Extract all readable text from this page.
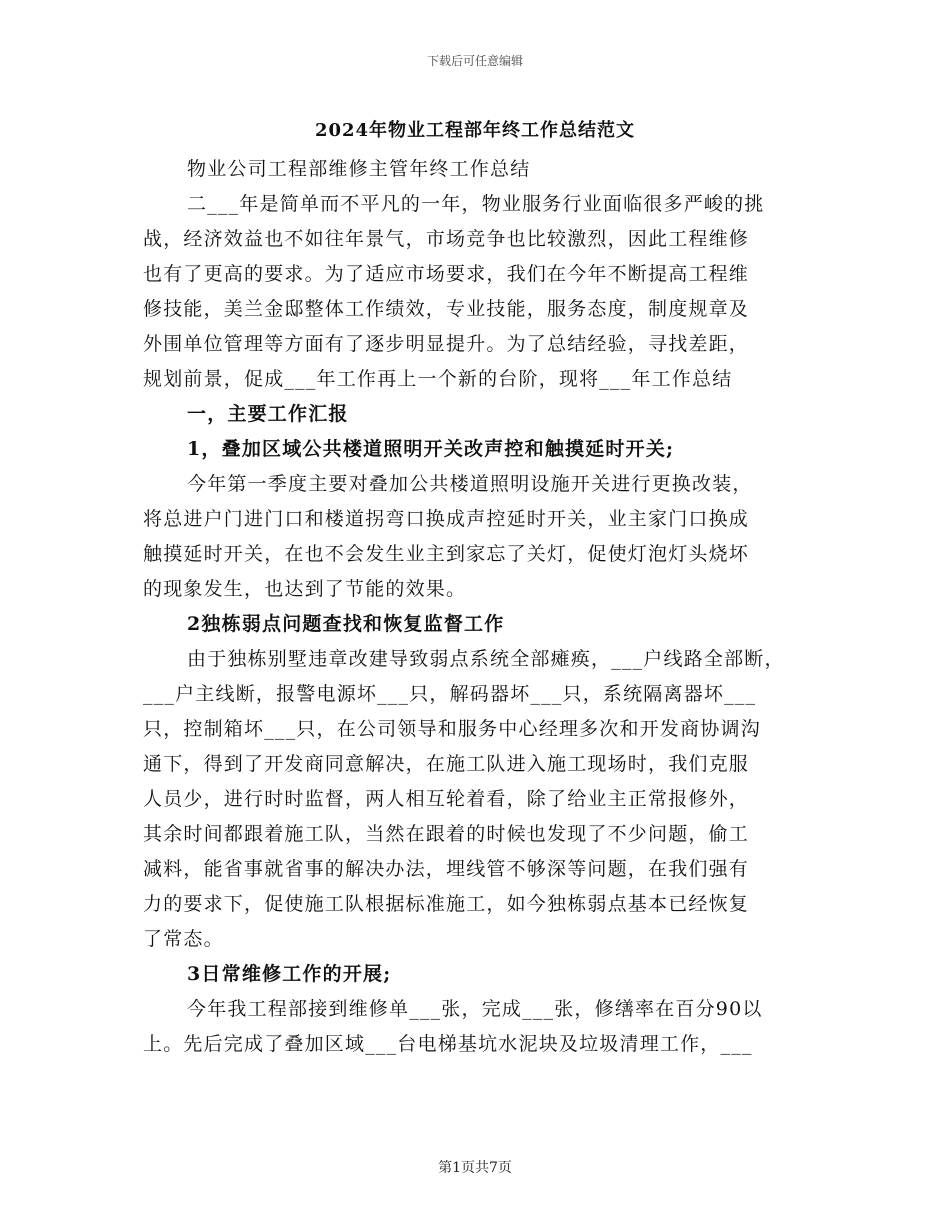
下载后可任意编辑
2024年物业工程部年终工作总结范文
物业公司工程部维修主管年终工作总结
二___年是简单而不平凡的一年，物业服务行业面临很多严峻的挑
战，经济效益也不如往年景气，市场竞争也比较激烈，因此工程维修
也有了更高的要求。为了适应市场要求，我们在今年不断提高工程维
修技能，美兰金邸整体工作绩效，专业技能，服务态度，制度规章及
外围单位管理等方面有了逐步明显提升。为了总结经验，寻找差距，
规划前景，促成___年工作再上一个新的台阶，现将___年工作总结
一，主要工作汇报
1，叠加区域公共楼道照明开关改声控和触摸延时开关;
今年第一季度主要对叠加公共楼道照明设施开关进行更换改装，
将总进户门进门口和楼道拐弯口换成声控延时开关，业主家门口换成
触摸延时开关，在也不会发生业主到家忘了关灯，促使灯泡灯头烧坏
的现象发生，也达到了节能的效果。
2独栋弱点问题查找和恢复监督工作
由于独栋别墅违章改建导致弱点系统全部瘫痪，___户线路全部断，
___户主线断，报警电源坏___只，解码器坏___只，系统隔离器坏___
只，控制箱坏___只，在公司领导和服务中心经理多次和开发商协调沟
通下，得到了开发商同意解决，在施工队进入施工现场时，我们克服
人员少，进行时时监督，两人相互轮着看，除了给业主正常报修外，
其余时间都跟着施工队，当然在跟着的时候也发现了不少问题，偷工
减料，能省事就省事的解决办法，埋线管不够深等问题，在我们强有
力的要求下，促使施工队根据标准施工，如今独栋弱点基本已经恢复
了常态。
3日常维修工作的开展;
今年我工程部接到维修单___张，完成___张，修缮率在百分90以
上。先后完成了叠加区域___台电梯基坑水泥块及垃圾清理工作，___
第1页共7页
